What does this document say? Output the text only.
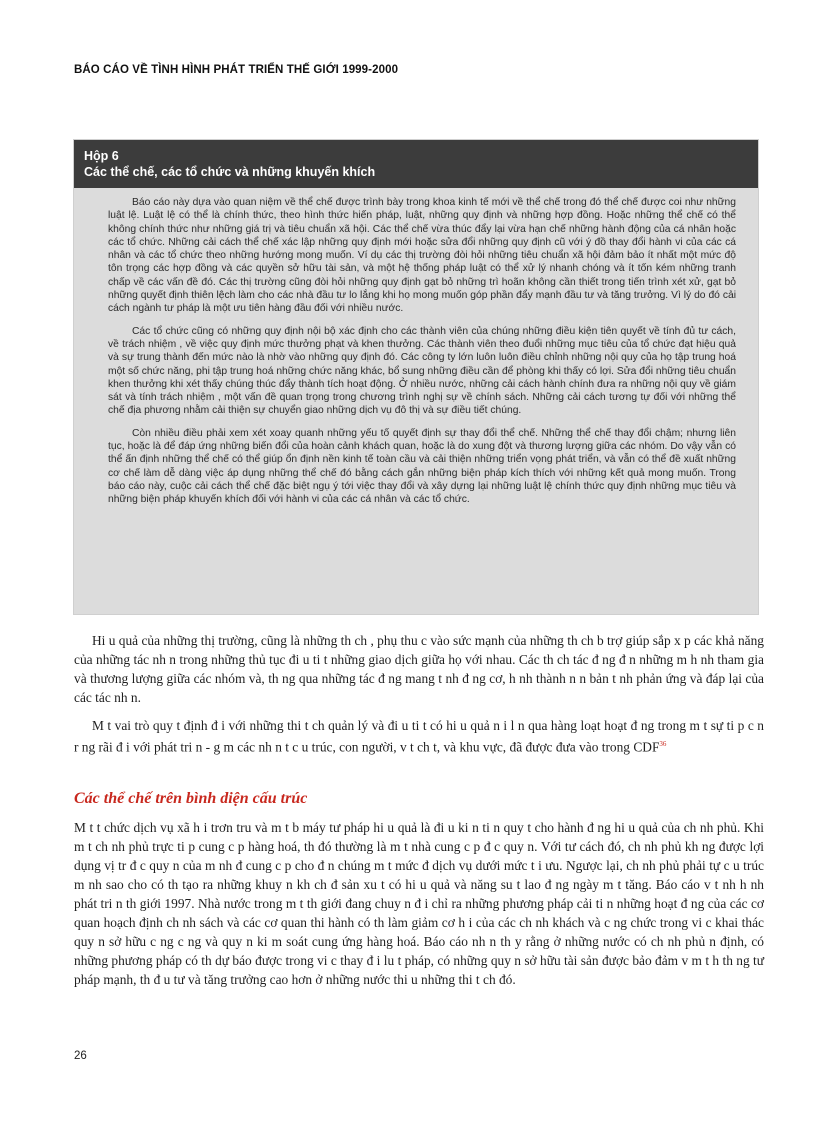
BÁO CÁO VỀ TÌNH HÌNH PHÁT TRIỂN THẾ GIỚI 1999-2000
Hộp 6
Các thể chế, các tổ chức và những khuyến khích

Báo cáo này dựa vào quan niệm về thể chế được trình bày trong khoa kinh tế mới về thể chế trong đó thể chế được coi như những luật lệ. Luật lệ có thể là chính thức, theo hình thức hiến pháp, luật, những quy định và những hợp đồng. Hoặc những thể chế có thể không chính thức như những giá trị và tiêu chuẩn xã hội. Các thể chế vừa thúc đẩy lại vừa hạn chế những hành động của cá nhân hoặc các tổ chức. Những cải cách thể chế xác lập những quy định mới hoặc sửa đổi những quy định cũ với ý đồ thay đổi hành vi của các cá nhân và các tổ chức theo những hướng mong muốn. Ví dụ các thị trường đòi hỏi những tiêu chuẩn xã hội đảm bảo ít nhất một mức độ tôn trọng các hợp đồng và các quyền sở hữu tài sản, và một hệ thống pháp luật có thể xử lý nhanh chóng và ít tốn kém những tranh chấp về các vấn đề đó. Các thị trường cũng đòi hỏi những quy định gạt bỏ những trì hoãn không cần thiết trong tiến trình xét xử, gạt bỏ những quyết định thiên lệch làm cho các nhà đầu tư lo lắng khi họ mong muốn góp phần đẩy mạnh đầu tư và tăng trưởng. Vì lý do đó cải cách ngành tư pháp là một ưu tiên hàng đầu đối với nhiều nước.

Các tổ chức cũng có những quy định nội bộ xác định cho các thành viên của chúng những điều kiện tiên quyết về tính đủ tư cách, về trách nhiệm , về việc quy định mức thưởng phạt và khen thưởng. Các thành viên theo đuổi những mục tiêu của tổ chức đạt hiệu quả và sự trung thành đến mức nào là nhờ vào những quy định đó. Các công ty lớn luôn luôn điều chỉnh những nội quy của họ tập trung hoá một số chức năng, phi tập trung hoá những chức năng khác, bổ sung những điều cần để phòng khi thấy có lợi. Sửa đổi những tiêu chuẩn khen thưởng khi xét thấy chúng thúc đẩy thành tích hoạt động. Ở nhiều nước, những cải cách hành chính đưa ra những nội quy về giám sát và tính trách nhiệm , một vấn đề quan trọng trong chương trình nghị sự về chính sách. Những cải cách tương tự đối với những thể chế địa phương nhằm cải thiện sự chuyển giao những dịch vụ đô thị và sự điều tiết chúng.

Còn nhiều điều phải xem xét xoay quanh những yếu tố quyết định sự thay đổi thể chế. Những thể chế thay đổi chậm; nhưng liên tục, hoặc là để đáp ứng những biến đổi của hoàn cảnh khách quan, hoặc là do xung đột và thương lượng giữa các nhóm. Do vậy vẫn có thể ấn định những thể chế có thể giúp ổn định nền kinh tế toàn cầu và cải thiện những triển vọng phát triển, và vẫn có thể đề xuất những cơ chế làm dễ dàng việc áp dụng những thể chế đó bằng cách gắn những biện pháp kích thích với những kết quả mong muốn. Trong báo cáo này, cuộc cải cách thể chế đặc biệt ngụ ý tới việc thay đổi và xây dựng lại những luật lệ chính thức quy định những mục tiêu và những biện pháp khuyến khích đối với hành vi của các cá nhân và các tổ chức.

Hi u quả của những thị trường, cũng là những th ch , phụ thu c vào sức mạnh của những th ch b trợ giúp sắp x p các khả năng của những tác nh n trong những thủ tục đi u ti t những giao dịch giữa họ với nhau. Các th ch tác đ ng đ n những m h nh tham gia và thương lượng giữa các nhóm và, th ng qua những tác đ ng mang t nh đ ng cơ, h nh thành n n bản t nh phản ứng và đáp lại của các tác nh n.

M t vai trò quy t định đ i với những thi t ch quản lý và đi u ti t có hi u quả n i l n qua hàng loạt hoạt đ ng trong m t sự ti p c n r ng rãi đ i với phát tri n - g m các nh n t c u trúc, con người, v t ch t, và khu vực, đã được đưa vào trong CDF$^{36}$

Các thể chế trên bình diện cấu trúc

M t t chức dịch vụ xã h i trơn tru và m t b máy tư pháp hi u quả là đi u ki n ti n quy t cho hành đ ng hi u quả của ch nh phủ. Khi m t ch nh phủ trực ti p cung c p hàng hoá, th đó thường là m t nhà cung c p đ c quy n. Với tư cách đó, ch nh phủ kh ng được lợi dụng vị tr đ c quy n của m nh đ cung c p cho đ n chúng m t mức đ dịch vụ dưới mức t i ưu. Ngược lại, ch nh phủ phải tự c u trúc m nh sao cho có th tạo ra những khuy n kh ch đ sản xu t có hi u quả và năng su t lao đ ng ngày m t tăng. Báo cáo v t nh h nh phát tri n th giới 1997. Nhà nước trong m t th giới đang chuy n đ i chỉ ra những phương pháp cải ti n những hoạt đ ng của các cơ quan hoạch định ch nh sách và các cơ quan thi hành có th làm giảm cơ h i của các ch nh khách và c ng chức trong vi c khai thác quy n sở hữu c ng c ng và quy n ki m soát cung ứng hàng hoá. Báo cáo nh n th y rằng ở những nước có ch nh phủ n định, có những phương pháp có th dự báo được trong vi c thay đ i lu t pháp, có những quy n sở hữu tài sản được bảo đảm v m t h th ng tư pháp mạnh, th đ u tư và tăng trưởng cao hơn ở những nước thi u những thi t ch đó.

26
